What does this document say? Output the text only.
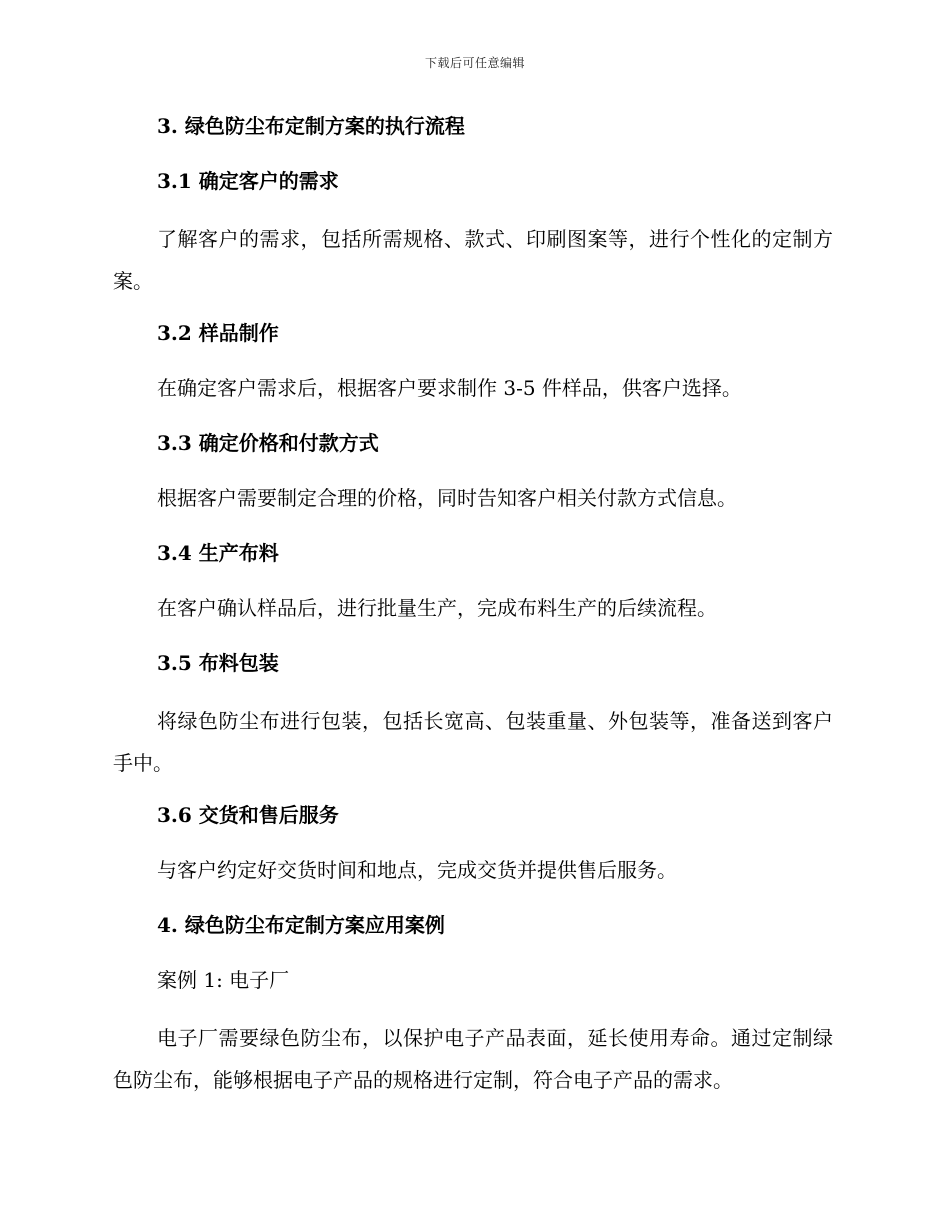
下载后可任意编辑
3. 绿色防尘布定制方案的执行流程
3.1 确定客户的需求
了解客户的需求，包括所需规格、款式、印刷图案等，进行个性化的定制方案。
3.2 样品制作
在确定客户需求后，根据客户要求制作 3-5 件样品，供客户选择。
3.3 确定价格和付款方式
根据客户需要制定合理的价格，同时告知客户相关付款方式信息。
3.4 生产布料
在客户确认样品后，进行批量生产，完成布料生产的后续流程。
3.5 布料包装
将绿色防尘布进行包装，包括长宽高、包装重量、外包装等，准备送到客户手中。
3.6 交货和售后服务
与客户约定好交货时间和地点，完成交货并提供售后服务。
4. 绿色防尘布定制方案应用案例
案例 1: 电子厂
电子厂需要绿色防尘布，以保护电子产品表面，延长使用寿命。通过定制绿色防尘布，能够根据电子产品的规格进行定制，符合电子产品的需求。
